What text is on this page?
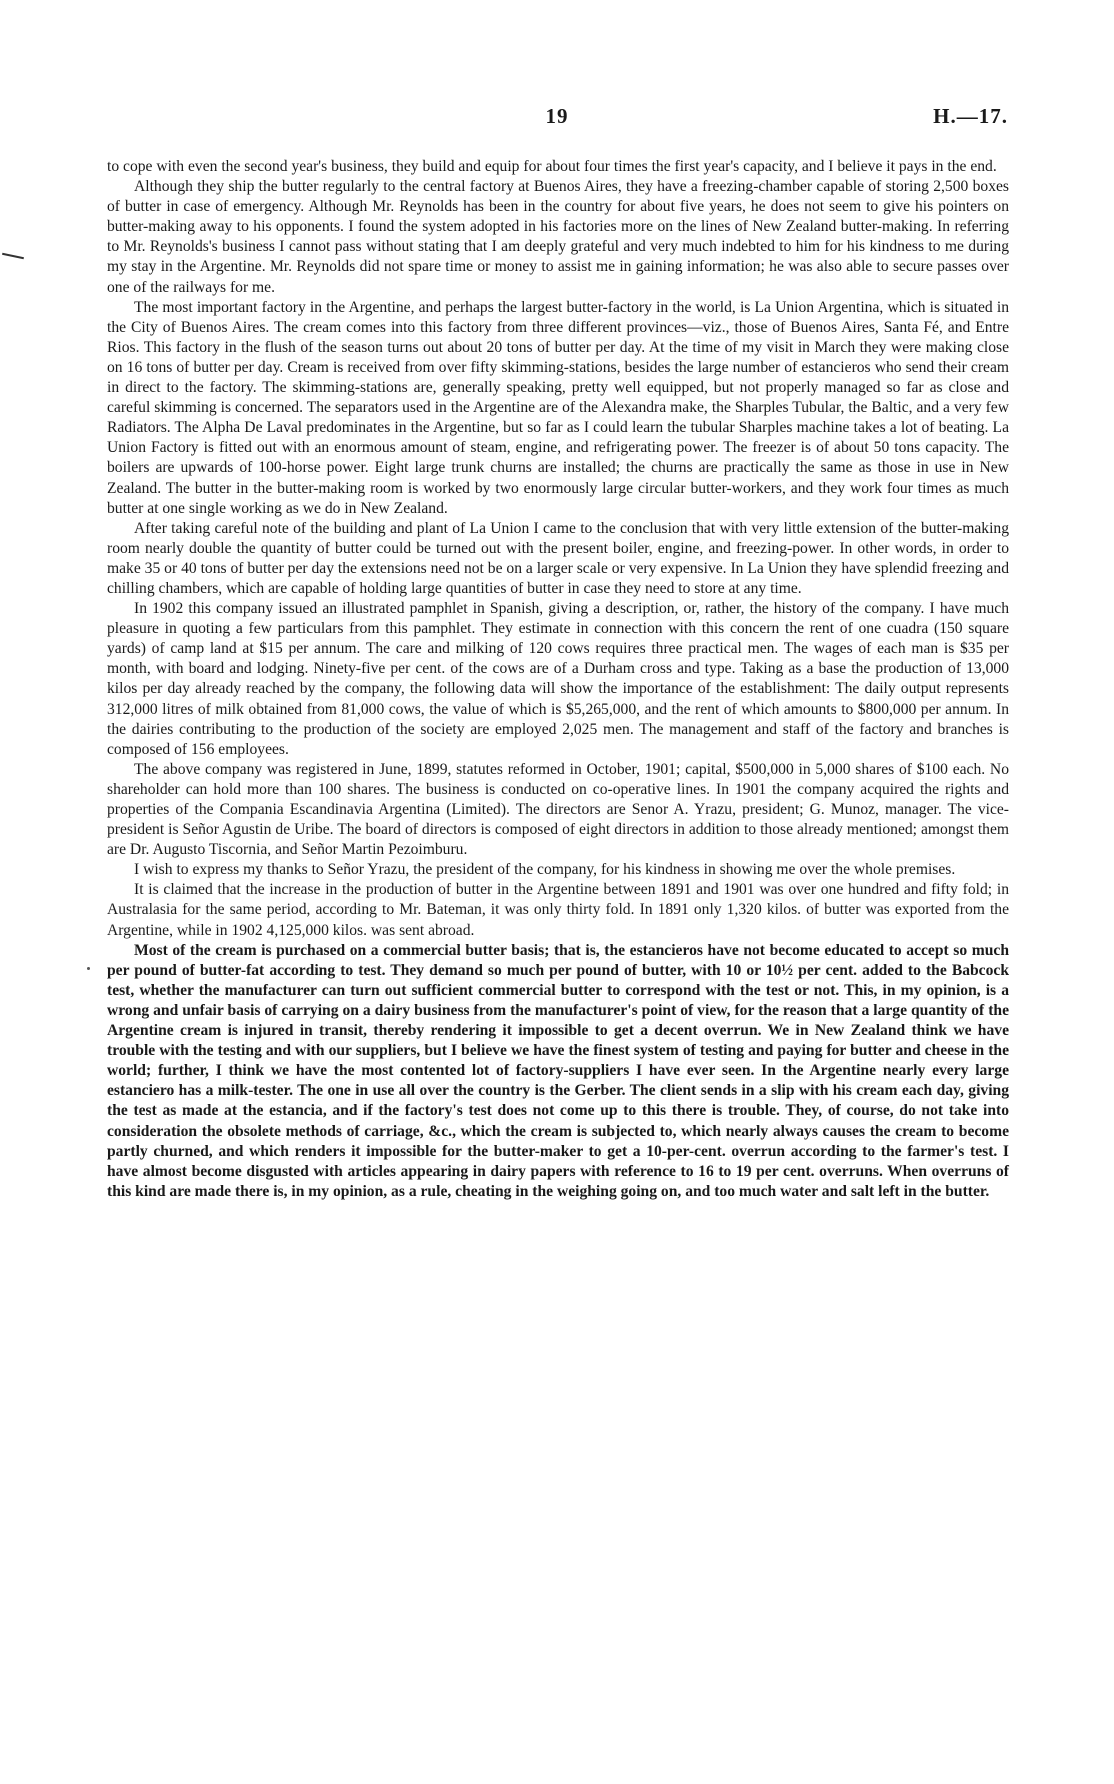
19	H.—17.

to cope with even the second year's business, they build and equip for about four times the first year's capacity, and I believe it pays in the end.

Although they ship the butter regularly to the central factory at Buenos Aires, they have a freezing-chamber capable of storing 2,500 boxes of butter in case of emergency. Although Mr. Reynolds has been in the country for about five years, he does not seem to give his pointers on butter-making away to his opponents. I found the system adopted in his factories more on the lines of New Zealand butter-making. In referring to Mr. Reynolds's business I cannot pass without stating that I am deeply grateful and very much indebted to him for his kindness to me during my stay in the Argentine. Mr. Reynolds did not spare time or money to assist me in gaining information; he was also able to secure passes over one of the railways for me.

The most important factory in the Argentine, and perhaps the largest butter-factory in the world, is La Union Argentina, which is situated in the City of Buenos Aires. The cream comes into this factory from three different provinces—viz., those of Buenos Aires, Santa Fé, and Entre Rios. This factory in the flush of the season turns out about 20 tons of butter per day. At the time of my visit in March they were making close on 16 tons of butter per day. Cream is received from over fifty skimming-stations, besides the large number of estancieros who send their cream in direct to the factory. The skimming-stations are, generally speaking, pretty well equipped, but not properly managed so far as close and careful skimming is concerned. The separators used in the Argentine are of the Alexandra make, the Sharples Tubular, the Baltic, and a very few Radiators. The Alpha De Laval predominates in the Argentine, but so far as I could learn the tubular Sharples machine takes a lot of beating. La Union Factory is fitted out with an enormous amount of steam, engine, and refrigerating power. The freezer is of about 50 tons capacity. The boilers are upwards of 100-horse power. Eight large trunk churns are installed; the churns are practically the same as those in use in New Zealand. The butter in the butter-making room is worked by two enormously large circular butter-workers, and they work four times as much butter at one single working as we do in New Zealand.

After taking careful note of the building and plant of La Union I came to the conclusion that with very little extension of the butter-making room nearly double the quantity of butter could be turned out with the present boiler, engine, and freezing-power. In other words, in order to make 35 or 40 tons of butter per day the extensions need not be on a larger scale or very expensive. In La Union they have splendid freezing and chilling chambers, which are capable of holding large quantities of butter in case they need to store at any time.

In 1902 this company issued an illustrated pamphlet in Spanish, giving a description, or, rather, the history of the company. I have much pleasure in quoting a few particulars from this pamphlet. They estimate in connection with this concern the rent of one cuadra (150 square yards) of camp land at $15 per annum. The care and milking of 120 cows requires three practical men. The wages of each man is $35 per month, with board and lodging. Ninety-five per cent. of the cows are of a Durham cross and type. Taking as a base the production of 13,000 kilos per day already reached by the company, the following data will show the importance of the establishment: The daily output represents 312,000 litres of milk obtained from 81,000 cows, the value of which is $5,265,000, and the rent of which amounts to $800,000 per annum. In the dairies contributing to the production of the society are employed 2,025 men. The management and staff of the factory and branches is composed of 156 employees.

The above company was registered in June, 1899, statutes reformed in October, 1901; capital, $500,000 in 5,000 shares of $100 each. No shareholder can hold more than 100 shares. The business is conducted on co-operative lines. In 1901 the company acquired the rights and properties of the Compania Escandinavia Argentina (Limited). The directors are Senor A. Yrazu, president; G. Munoz, manager. The vice-president is Señor Agustin de Uribe. The board of directors is composed of eight directors in addition to those already mentioned; amongst them are Dr. Augusto Tiscornia, and Señor Martin Pezoimburu.

I wish to express my thanks to Señor Yrazu, the president of the company, for his kindness in showing me over the whole premises.

It is claimed that the increase in the production of butter in the Argentine between 1891 and 1901 was over one hundred and fifty fold; in Australasia for the same period, according to Mr. Bateman, it was only thirty fold. In 1891 only 1,320 kilos. of butter was exported from the Argentine, while in 1902 4,125,000 kilos. was sent abroad.

Most of the cream is purchased on a commercial butter basis; that is, the estancieros have not become educated to accept so much per pound of butter-fat according to test. They demand so much per pound of butter, with 10 or 10½ per cent. added to the Babcock test, whether the manufacturer can turn out sufficient commercial butter to correspond with the test or not. This, in my opinion, is a wrong and unfair basis of carrying on a dairy business from the manufacturer's point of view, for the reason that a large quantity of the Argentine cream is injured in transit, thereby rendering it impossible to get a decent overrun. We in New Zealand think we have trouble with the testing and with our suppliers, but I believe we have the finest system of testing and paying for butter and cheese in the world; further, I think we have the most contented lot of factory-suppliers I have ever seen. In the Argentine nearly every large estanciero has a milk-tester. The one in use all over the country is the Gerber. The client sends in a slip with his cream each day, giving the test as made at the estancia, and if the factory's test does not come up to this there is trouble. They, of course, do not take into consideration the obsolete methods of carriage, &c., which the cream is subjected to, which nearly always causes the cream to become partly churned, and which renders it impossible for the butter-maker to get a 10-per-cent. overrun according to the farmer's test. I have almost become disgusted with articles appearing in dairy papers with reference to 16 to 19 per cent. overruns. When overruns of this kind are made there is, in my opinion, as a rule, cheating in the weighing going on, and too much water and salt left in the butter.
